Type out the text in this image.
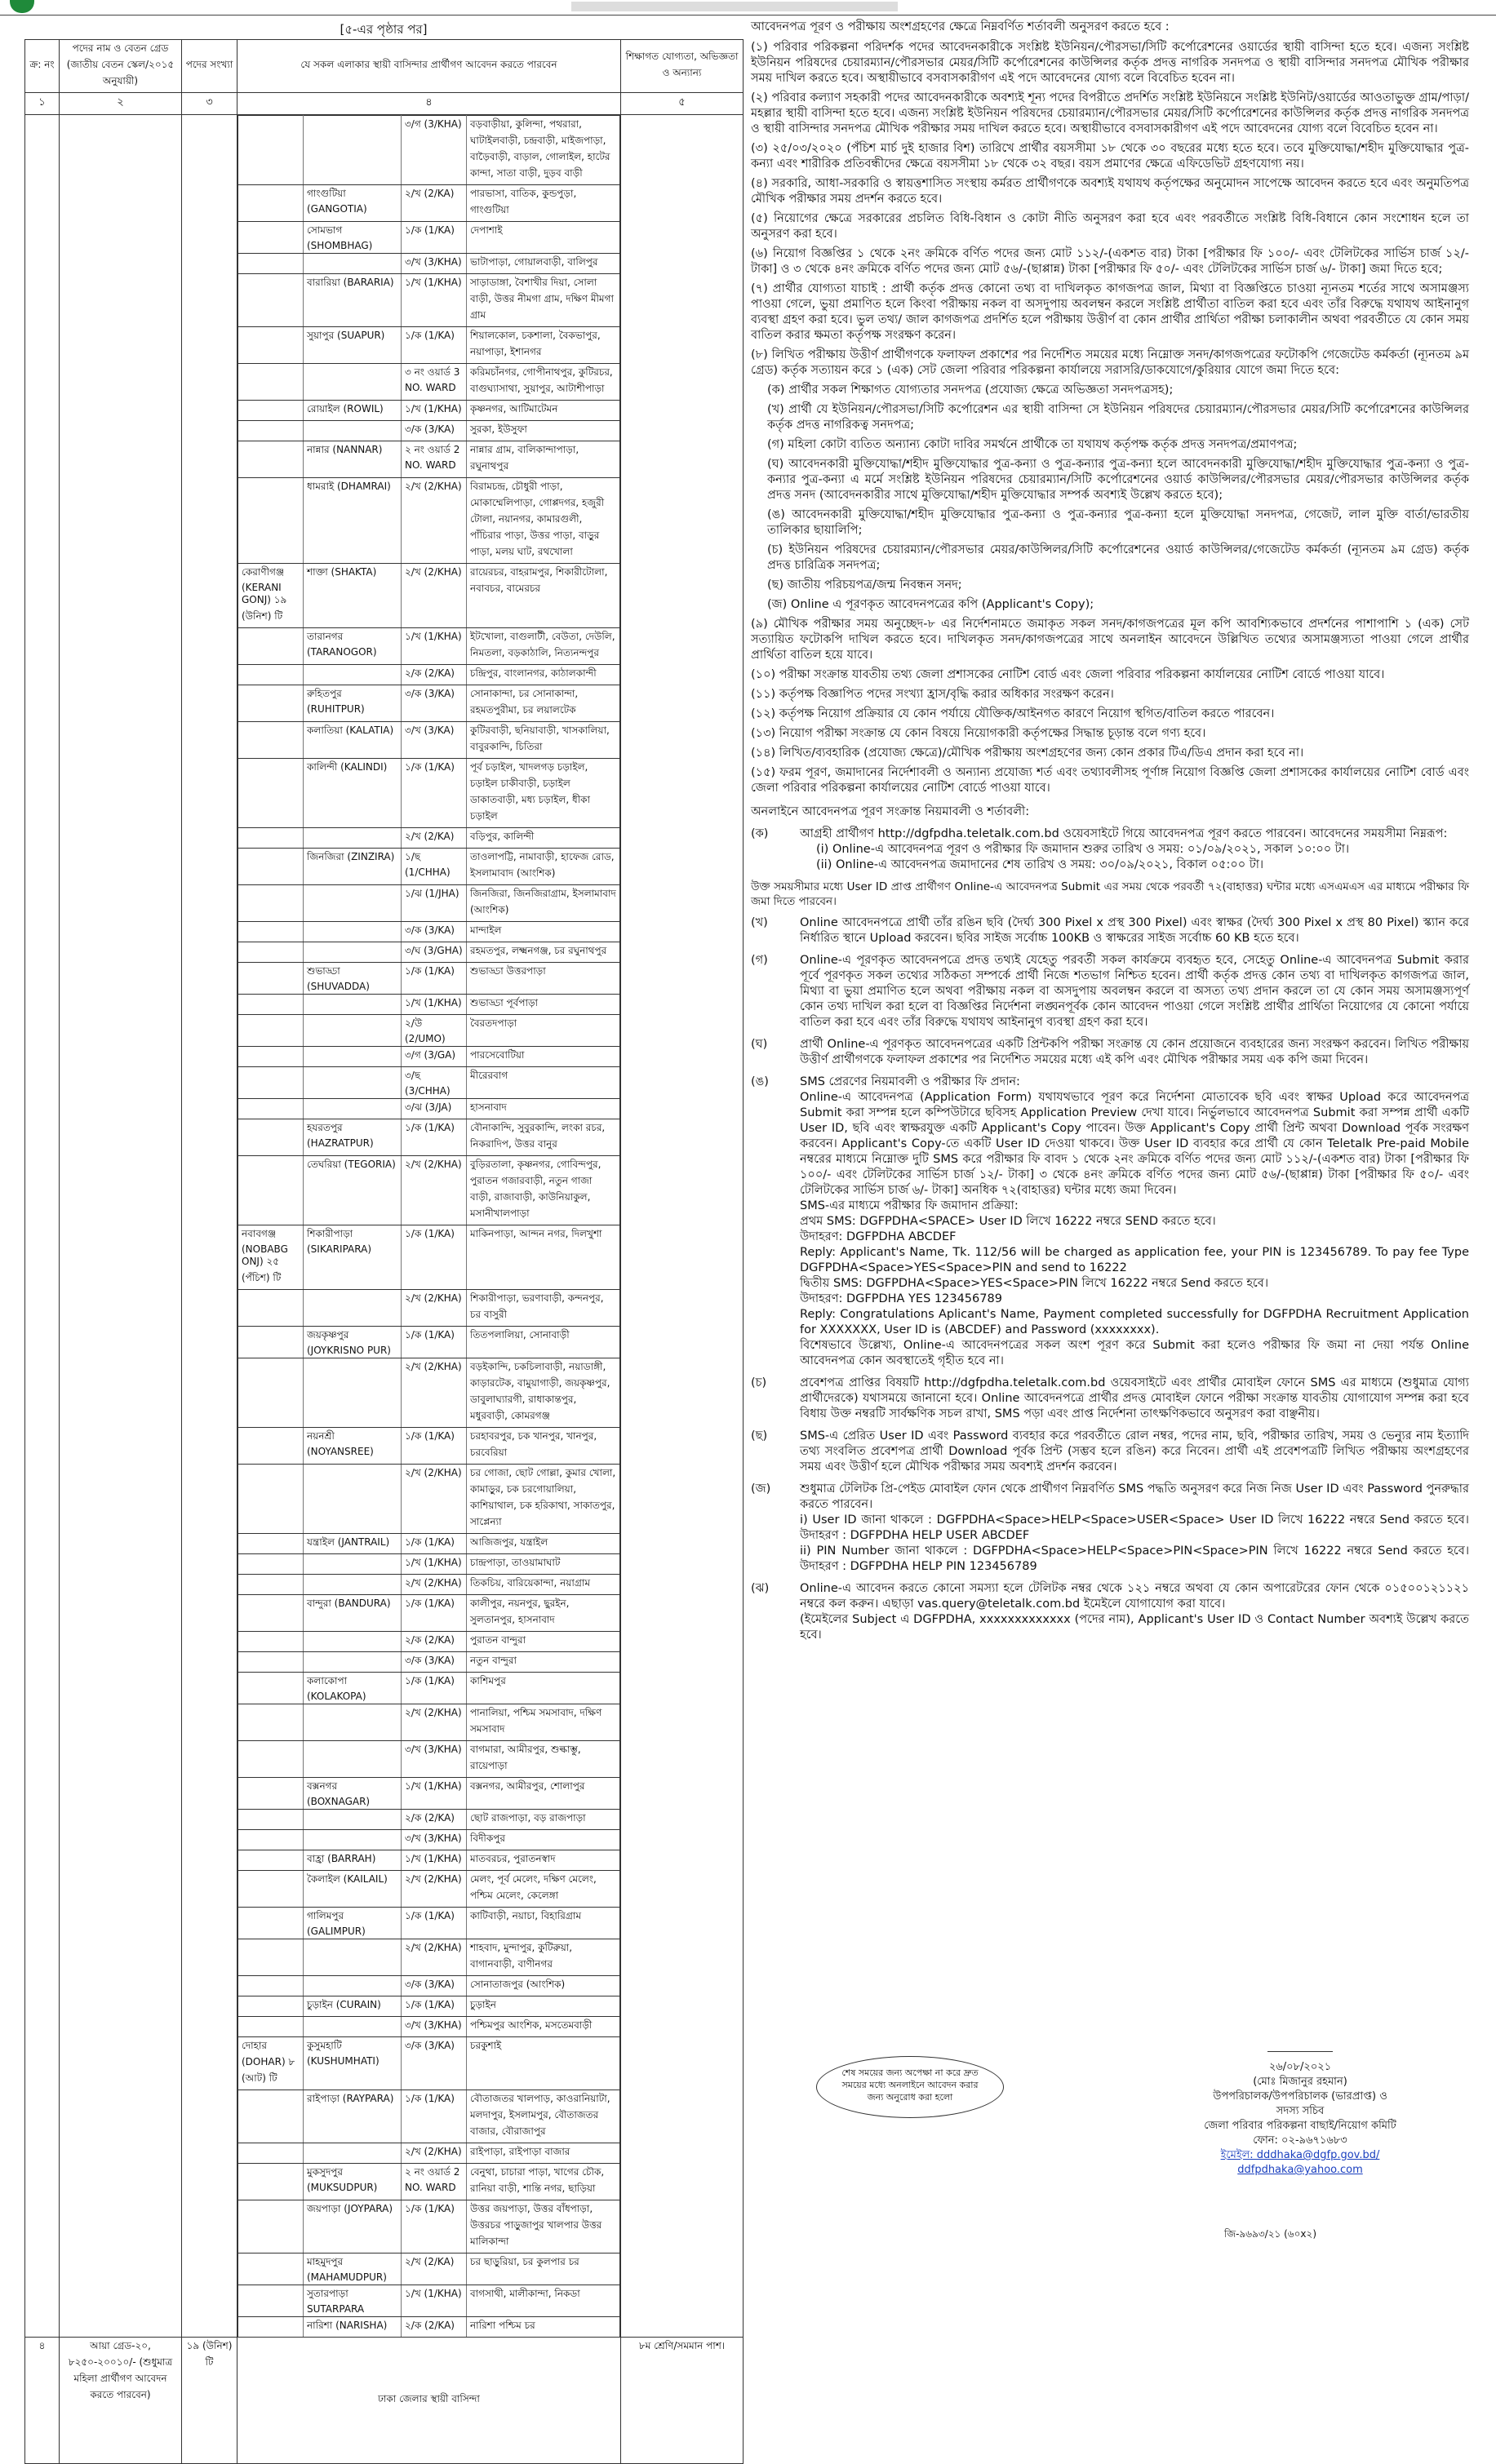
[৫-এর পৃষ্ঠার পর]
ক্র: নং	পদের নাম ও বেতন গ্রেড (জাতীয় বেতন স্কেল/২০১৫ অনুযায়ী)	পদের সংখ্যা	যে সকল এলাকার স্থায়ী বাসিন্দার প্রার্থীগণ আবেদন করতে পারবেন	শিক্ষাগত যোগ্যতা, অভিজ্ঞতা ও অন্যান্য
১	২	৩	৪	৫

		৩/গ (3/KHA)	বড়বাড়ীয়া, কুলিন্দা, পথরারা, ঘাটাইলবাড়ী, চন্দ্রবাড়ী, মাইজপাড়া, বাড়ৈবাড়ী, বাড়াল, গোলাইল, হাটের কান্দা, সাতা বাড়ী, দুড়ব বাড়ী
	গাংগুটিয়া (GANGOTIA)	২/খ (2/KA)	পারভাসা, বাতিক, কুন্ডপুড়া, গাংগুটিয়া
	সোমভাগ (SHOMBHAG)	১/ক (1/KA)	দেপাশাই
		৩/খ (3/KHA)	ভাটাপাড়া, গোয়ালবাড়ী, বালিপুর
	বারারিয়া (BARARIA)	১/খ (1/KHA)	সাড়াডাঙ্গা, বৈশাখীর দিয়া, সোলা বাড়ী, উত্তর নীমগা গ্রাম, দক্ষিণ মীমগা গ্রাম
	সুয়াপুর (SUAPUR)	১/ক (1/KA)	শিয়ালকোল, চকশালা, বৈকভাপুর, নয়াপাড়া, ইশানগর
		৩ নং ওয়ার্ড 3 NO. WARD	করিমচাঁনগর, গোপীনাথপুর, কুটিরচর, বাগুঘ্যাসাথা, সুয়াপুর, আটাশীপাড়া
	রোয়াইল (ROWIL)	১/খ (1/KHA)	কৃষ্ণনগর, আটিমাটেমন
		৩/ক (3/KA)	সুরকা, ইউসুফা
	নান্নার (NANNAR)	২ নং ওয়ার্ড 2 NO. WARD	নান্নার গ্রাম, বালিকান্দাপাড়া, রঘুনাথপুর
	ধামরাই (DHAMRAI)	২/খ (2/KHA)	বিরামচন্দ্র, চৌধুরী পাড়া, মোকাম্মেলিপাড়া, গোপ্পদগর, হজুরী টোলা, নয়ানগর, কামারগুলী, পাঁচিরার পাড়া, উত্তর পাড়া, বাড়ুর পাড়া, মলয় ঘাট, রথখোলা
কেরাণীগঞ্জ (KERANI GONJ) ১৯ (উনিশ) টি	শাক্তা (SHAKTA)	২/খ (2/KHA)	রায়েরচর, বাহরামপুর, শিকারীটোলা, নবাবচর, বামেরচর
	তারানগর (TARANOGOR)	১/খ (1/KHA)	ইটখোলা, বাগুলাটী, বেউতা, দেউলি, নিমতলা, বড়কাঠালি, নিত্যনন্দপুর
		২/ক (2/KA)	চন্দ্রিপুর, বাংলানগর, কাঠালকান্দী
	রুহিতপুর (RUHITPUR)	৩/ক (3/KA)	সোনাকান্দা, চর সোনাকান্দা, রহমতপুরীমা, চর লয়ালটেক
	কলাতিয়া (KALATIA)	৩/খ (3/KA)	কুটিরবাড়ী, ছনিয়াবাড়ী, খাসকালিয়া, বাবুরকান্দি, চিতিরা
	কালিন্দী (KALINDI)	১/ক (1/KA)	পূর্ব চড়াইল, খাদলগড় চড়াইল, চড়াইল চাকীবাড়ী, চড়াইল ডাকাতবাড়ী, মধ্য চড়াইল, ধীকা চড়াইল
		২/খ (2/KA)	বড়িপুর, কালিন্দী
	জিনজিরা (ZINZIRA)	১/ছ (1/CHHA)	তাওলাপট্টি, নামাবাড়ী, হাফেজ রোড, ইসলামাবাদ (আংশিক)
		১/ঝ (1/JHA)	জিনজিরা, জিনজিরাগ্রাম, ইসলামাবাদ (আংশিক)
		৩/ক (3/KA)	মান্দাইল
		৩/ঘ (3/GHA)	রহমতপুর, লক্ষ্মনগঞ্জ, চর রঘুনাথপুর
	শুভাড্ডা (SHUVADDA)	১/ক (1/KA)	শুভাড্ডা উত্তরপাড়া
		১/খ (1/KHA)	শুভাড্ডা পূর্বপাড়া
		২/উ (2/UMO)	বৈরতদপাড়া
		৩/গ (3/GA)	পারসেবোটিয়া
		৩/ছ (3/CHHA)	মীরেরবাগ
		৩/ঝ (3/JA)	হাসনাবাদ
	হযরতপুর (HAZRATPUR)	১/ক (1/KA)	বৌনাকান্দি, সুবুরকান্দি, লংকা রচর, নিকরাদিপ, উত্তর বানুর
	তেঘরিয়া (TEGORIA)	২/খ (2/KHA)	বুড়িরতালা, কৃষ্ণনগর, গোবিন্দপুর, পুরাতন গজারবাড়ী, নতুন গাজা বাড়ী, রাজাবাড়ী, কাউনিয়াকুল, মসানীখালপাড়া
নবাবগঞ্জ (NOBABG ONJ) ২৫ (পঁচিশ) টি	শিকারীপাড়া (SIKARIPARA)	১/ক (1/KA)	মাকিনপাড়া, আন্দন নগর, দিলখুশা
		২/খ (2/KHA)	শিকারীপাড়া, ভরণাবাড়ী, কন্দনপুর, চর বাসুরী
	জয়কৃষ্ণপুর (JOYKRISNO PUR)	১/ক (1/KA)	তিতপলালিয়া, সোনাবাড়ী
		২/খ (2/KHA)	বড়ইকান্দি, চকচিলাবাড়ী, নয়াডাঙ্গী, কাড়ারটেক, বামুয়াগাড়ী, জয়কৃষ্ণপুর, ডাবুলাঘ্যারগী, রাধাকান্তপুর, মধুরবাড়ী, কোমরগঞ্জ
	নয়নশ্রী (NOYANSREE)	১/ক (1/KA)	চরহাবরপুর, চক খানপুর, খানপুর, চরবেরিয়া
		২/খ (2/KHA)	চর গোজা, ছোট গোল্লা, কুমার খোলা, কামাড়ুর, চক চরগোয়ালিয়া, কাশিয়াথাল, চক হরিকাথা, সাকাতপুর, সাপ্লেন্যা
	যন্ত্রাইল (JANTRAIL)	১/ক (1/KA)	আজিজপুর, যন্ত্রাইল
		১/খ (1/KHA)	চান্দ্রপাড়া, তাওয়ামাঘাট
		২/খ (2/KHA)	তিকচিয়, বারিয়েকান্দা, নয়াগ্রাম
	বান্দুরা (BANDURA)	১/ক (1/KA)	কালীপুর, নয়নপুর, ছুরইন, সুলতানপুর, হাসনাবাদ
		২/ক (2/KA)	পুরাতন বান্দুরা
		৩/ক (3/KA)	নতুন বান্দুরা
	কলাকোপা (KOLAKOPA)	১/ক (1/KA)	কাশিমপুর
		২/খ (2/KHA)	পানালিয়া, পশ্চিম সমসাবাদ, দক্ষিণ সমসাবাদ
		৩/খ (3/KHA)	বাগমারা, আমীরপুর, শুল্কাম্ভু, রায়েপাড়া
	বক্সনগর (BOXNAGAR)	১/খ (1/KHA)	বক্সনগর, আমীরপুর, শোলাপুর
		২/ক (2/KA)	ছোট রাজপাড়া, বড় রাজপাড়া
		৩/খ (3/KHA)	বিদীকপুর
	বাহ্রা (BARRAH)	১/খ (1/KHA)	মাতবরচর, পুরাতনস্বাদ
	কৈলাইল (KAILAIL)	২/খ (2/KHA)	মেলং, পূর্ব মেলেং, দক্ষিণ মেলেং, পশ্চিম মেলেং, কেলেঙ্গা
	গালিমপুর (GALIMPUR)	১/ক (1/KA)	কাটিবাড়ী, নয়াচা, বিহারিগ্রাম
		২/খ (2/KHA)	শাহবাদ, মুন্দাপুর, কুটিরুয়া, বাগানবাড়ী, বাণীনগর
		৩/ক (3/KA)	সোনাতাজপুর (আংশিক)
	চুড়াইন (CURAIN)	১/ক (1/KA)	চুড়াইন
		৩/খ (3/KHA)	পশ্চিমপুর আংশিক, মসতেমবাড়ী
দোহার (DOHAR) ৮ (আট) টি	কুসুমহাটি (KUSHUMHATI)	৩/ক (3/KA)	চরকুশাই
	রাইপাড়া (RAYPARA)	১/ক (1/KA)	বৌতাজতর খালপাড়, কাওরানিয়াটা, মলদাপুর, ইসলামপুর, বৌতাজতর বাজার, বৌরাজাপুর
		২/খ (2/KHA)	রাইপাড়া, রাইপাড়া বাজার
	মুকসুদপুর (MUKSUDPUR)	২ নং ওয়ার্ড 2 NO. WARD	বেনুথা, চাচারা পাড়া, খাগের চৌক, রানিয়া বাড়ী, শান্তি নগর, ছাড়িয়া
	জয়পাড়া (JOYPARA)	১/ক (1/KA)	উত্তর জয়পাড়া, উত্তর বাঁধপাড়া, উত্তরচর পাড়ুজাপুর খালপার উত্তর মালিকান্দা
	মাহমুদপুর (MAHAMUDPUR)	২/খ (2/KA)	চর ছাড়ুরিয়া, চর কুলপার চর
	সুতারপাড়া SUTARPARA	১/খ (1/KHA)	বাগসাথী, মালীকান্দা, নিকডা
	নারিশা (NARISHA)	২/ক (2/KA)	নারিশা পশ্চিম চর

৪	আয়া গ্রেড-২০, ৮২৫০-২০০১০/- (শুধুমাত্র মহিলা প্রার্থীগণ আবেদন করতে পারবেন)	১৯ (উনিশ) টি	ঢাকা জেলার স্থায়ী বাসিন্দা	৮ম শ্রেণি/সমমান পাশ।

আবেদনপত্র পূরণ ও পরীক্ষায় অংশগ্রহণের ক্ষেত্রে নিম্নবর্ণিত শর্তাবলী অনুসরণ করতে হবে :

(১) পরিবার পরিকল্পনা পরিদর্শক পদের আবেদনকারীকে সংশ্লিষ্ট ইউনিয়ন/পৌরসভা/সিটি কর্পোরেশনের ওয়ার্ডের স্থায়ী বাসিন্দা হতে হবে। এজন্য সংশ্লিষ্ট ইউনিয়ন পরিষদের চেয়ারম্যান/পৌরসভার মেয়র/সিটি কর্পোরেশনের কাউন্সিলর কর্তৃক প্রদত্ত নাগরিক সনদপত্র ও স্থায়ী বাসিন্দার সনদপত্র মৌখিক পরীক্ষার সময় দাখিল করতে হবে। অস্থায়ীভাবে বসবাসকারীগণ এই পদে আবেদনের যোগ্য বলে বিবেচিত হবেন না।
(২) পরিবার কল্যাণ সহকারী পদের আবেদনকারীকে অবশ্যই শূন্য পদের বিপরীতে প্রদর্শিত সংশ্লিষ্ট ইউনিয়নে সংশ্লিষ্ট ইউনিট/ওয়ার্ডের আওতাভুক্ত গ্রাম/পাড়া/মহল্লার স্থায়ী বাসিন্দা হতে হবে। এজন্য সংশ্লিষ্ট ইউনিয়ন পরিষদের চেয়ারম্যান/পৌরসভার মেয়র/সিটি কর্পোরেশনের কাউন্সিলর কর্তৃক প্রদত্ত নাগরিক সনদপত্র ও স্থায়ী বাসিন্দার সনদপত্র মৌখিক পরীক্ষার সময় দাখিল করতে হবে। অস্থায়ীভাবে বসবাসকারীগণ এই পদে আবেদনের যোগ্য বলে বিবেচিত হবেন না।
(৩) ২৫/০৩/২০২০ (পঁচিশ মার্চ দুই হাজার বিশ) তারিখে প্রার্থীর বয়সসীমা ১৮ থেকে ৩০ বছরের মধ্যে হতে হবে। তবে মুক্তিযোদ্ধা/শহীদ মুক্তিযোদ্ধার পুত্র-কন্যা এবং শারীরিক প্রতিবন্ধীদের ক্ষেত্রে বয়সসীমা ১৮ থেকে ৩২ বছর। বয়স প্রমাণের ক্ষেত্রে এফিডেভিট গ্রহণযোগ্য নয়।
(৪) সরকারি, আধা-সরকারি ও স্বায়ত্তশাসিত সংস্থায় কর্মরত প্রার্থীগণকে অবশ্যই যথাযথ কর্তৃপক্ষের অনুমোদন সাপেক্ষে আবেদন করতে হবে এবং অনুমতিপত্র মৌখিক পরীক্ষার সময় প্রদর্শন করতে হবে।
(৫) নিয়োগের ক্ষেত্রে সরকারের প্রচলিত বিধি-বিধান ও কোটা নীতি অনুসরণ করা হবে এবং পরবর্তীতে সংশ্লিষ্ট বিধি-বিধানে কোন সংশোধন হলে তা অনুসরণ করা হবে।
(৬) নিয়োগ বিজ্ঞপ্তির ১ থেকে ২নং ক্রমিকে বর্ণিত পদের জন্য মোট ১১২/-(একশত বার) টাকা [পরীক্ষার ফি ১০০/- এবং টেলিটকের সার্ভিস চার্জ ১২/- টাকা] ও ৩ থেকে ৪নং ক্রমিকে বর্ণিত পদের জন্য মোট ৫৬/-(ছাপ্পান্ন) টাকা [পরীক্ষার ফি ৫০/- এবং টেলিটকের সার্ভিস চার্জ ৬/- টাকা] জমা দিতে হবে;
(৭) প্রার্থীর যোগ্যতা যাচাই : প্রার্থী কর্তৃক প্রদত্ত কোনো তথ্য বা দাখিলকৃত কাগজপত্র জাল, মিথ্যা বা বিজ্ঞপ্তিতে চাওয়া ন্যূনতম শর্তের সাথে অসামঞ্জস্য পাওয়া গেলে, ভুয়া প্রমাণিত হলে কিংবা পরীক্ষায় নকল বা অসদুপায় অবলম্বন করলে সংশ্লিষ্ট প্রার্থীতা বাতিল করা হবে এবং তাঁর বিরুদ্ধে যথাযথ আইনানুগ ব্যবস্থা গ্রহণ করা হবে। ভুল তথ্য/ জাল কাগজপত্র প্রদর্শিত হলে পরীক্ষায় উত্তীর্ণ বা কোন প্রার্থীর প্রার্থিতা পরীক্ষা চলাকালীন অথবা পরবর্তীতে যে কোন সময় বাতিল করার ক্ষমতা কর্তৃপক্ষ সংরক্ষণ করেন।
(৮) লিখিত পরীক্ষায় উত্তীর্ণ প্রার্থীগণকে ফলাফল প্রকাশের পর নির্দেশিত সময়ের মধ্যে নিম্নোক্ত সনদ/কাগজপত্রের ফটোকপি গেজেটেড কর্মকর্তা (ন্যূনতম ৯ম গ্রেড) কর্তৃক সত্যায়ন করে ১ (এক) সেট জেলা পরিবার পরিকল্পনা কার্যালয়ে সরাসরি/ডাকযোগে/কুরিয়ার যোগে জমা দিতে হবে:
(ক) প্রার্থীর সকল শিক্ষাগত যোগ্যতার সনদপত্র (প্রযোজ্য ক্ষেত্রে অভিজ্ঞতা সনদপত্রসহ);
(খ) প্রার্থী যে ইউনিয়ন/পৌরসভা/সিটি কর্পোরেশন এর স্থায়ী বাসিন্দা সে ইউনিয়ন পরিষদের চেয়ারম্যান/পৌরসভার মেয়র/সিটি কর্পোরেশনের কাউন্সিলর কর্তৃক প্রদত্ত নাগরিকত্ব সনদপত্র;
(গ) মহিলা কোটা ব্যতিত অন্যান্য কোটা দাবির সমর্থনে প্রার্থীকে তা যথাযথ কর্তৃপক্ষ কর্তৃক প্রদত্ত সনদপত্র/প্রমাণপত্র;
(ঘ) আবেদনকারী মুক্তিযোদ্ধা/শহীদ মুক্তিযোদ্ধার পুত্র-কন্যা ও পুত্র-কন্যার পুত্র-কন্যা হলে আবেদনকারী মুক্তিযোদ্ধা/শহীদ মুক্তিযোদ্ধার পুত্র-কন্যা ও পুত্র-কন্যার পুত্র-কন্যা এ মর্মে সংশ্লিষ্ট ইউনিয়ন পরিষদের চেয়ারম্যান/সিটি কর্পোরেশনের ওয়ার্ড কাউন্সিলর/পৌরসভার মেয়র/পৌরসভার কাউন্সিলর কর্তৃক প্রদত্ত সনদ (আবেদনকারীর সাথে মুক্তিযোদ্ধা/শহীদ মুক্তিযোদ্ধার সম্পর্ক অবশ্যই উল্লেখ করতে হবে);
(ঙ) আবেদনকারী মুক্তিযোদ্ধা/শহীদ মুক্তিযোদ্ধার পুত্র-কন্যা ও পুত্র-কন্যার পুত্র-কন্যা হলে মুক্তিযোদ্ধা সনদপত্র, গেজেট, লাল মুক্তি বার্তা/ভারতীয় তালিকার ছায়ালিপি;
(চ) ইউনিয়ন পরিষদের চেয়ারম্যান/পৌরসভার মেয়র/কাউন্সিলর/সিটি কর্পোরেশনের ওয়ার্ড কাউন্সিলর/গেজেটেড কর্মকর্তা (ন্যূনতম ৯ম গ্রেড) কর্তৃক প্রদত্ত চারিত্রিক সনদপত্র;
(ছ) জাতীয় পরিচয়পত্র/জন্ম নিবন্ধন সনদ;
(জ) Online এ পূরণকৃত আবেদনপত্রের কপি (Applicant's Copy);
(৯) মৌখিক পরীক্ষার সময় অনুচ্ছেদ-৮ এর নির্দেশনামতে জমাকৃত সকল সনদ/কাগজপত্রের মূল কপি আবশ্যিকভাবে প্রদর্শনের পাশাপাশি ১ (এক) সেট সত্যায়িত ফটোকপি দাখিল করতে হবে। দাখিলকৃত সনদ/কাগজপত্রের সাথে অনলাইন আবেদনে উল্লিখিত তথ্যের অসামঞ্জস্যতা পাওয়া গেলে প্রার্থীর প্রার্থিতা বাতিল হয়ে যাবে।
(১০) পরীক্ষা সংক্রান্ত যাবতীয় তথ্য জেলা প্রশাসকের নোটিশ বোর্ড এবং জেলা পরিবার পরিকল্পনা কার্যালয়ের নোটিশ বোর্ডে পাওয়া যাবে।
(১১) কর্তৃপক্ষ বিজ্ঞাপিত পদের সংখ্যা হ্রাস/বৃদ্ধি করার অধিকার সংরক্ষণ করেন।
(১২) কর্তৃপক্ষ নিয়োগ প্রক্রিয়ার যে কোন পর্যায়ে যৌক্তিক/আইনগত কারণে নিয়োগ স্থগিত/বাতিল করতে পারবেন।
(১৩) নিয়োগ পরীক্ষা সংক্রান্ত যে কোন বিষয়ে নিয়োগকারী কর্তৃপক্ষের সিদ্ধান্ত চূড়ান্ত বলে গণ্য হবে।
(১৪) লিখিত/ব্যবহারিক (প্রযোজ্য ক্ষেত্রে)/মৌখিক পরীক্ষায় অংশগ্রহণের জন্য কোন প্রকার টিএ/ডিএ প্রদান করা হবে না।
(১৫) ফরম পূরণ, জমাদানের নির্দেশাবলী ও অন্যান্য প্রযোজ্য শর্ত এবং তথ্যাবলীসহ পূর্ণাঙ্গ নিয়োগ বিজ্ঞপ্তি জেলা প্রশাসকের কার্যালয়ের নোটিশ বোর্ড এবং জেলা পরিবার পরিকল্পনা কার্যালয়ের নোটিশ বোর্ডে পাওয়া যাবে।

অনলাইনে আবেদনপত্র পূরণ সংক্রান্ত নিয়মাবলী ও শর্তাবলী:

(ক)	আগ্রহী প্রার্থীগণ http://dgfpdha.teletalk.com.bd ওয়েবসাইটে গিয়ে আবেদনপত্র পূরণ করতে পারবেন। আবেদনের সময়সীমা নিম্নরূপ:
(i) Online-এ আবেদনপত্র পূরণ ও পরীক্ষার ফি জমাদান শুরুর তারিখ ও সময়: ০১/০৯/২০২১, সকাল ১০:০০ টা।
(ii) Online-এ আবেদনপত্র জমাদানের শেষ তারিখ ও সময়: ৩০/০৯/২০২১, বিকাল ০৫:০০ টা।

উক্ত সময়সীমার মধ্যে User ID প্রাপ্ত প্রার্থীগণ Online-এ আবেদনপত্র Submit এর সময় থেকে পরবর্তী ৭২(বাহাত্তর) ঘন্টার মধ্যে এসএমএস এর মাধ্যমে পরীক্ষার ফি জমা দিতে পারবেন।

(খ)	Online আবেদনপত্রে প্রার্থী তাঁর রঙিন ছবি (দৈর্ঘ্য 300 Pixel x প্রস্থ 300 Pixel) এবং স্বাক্ষর (দৈর্ঘ্য 300 Pixel x প্রস্থ 80 Pixel) স্ক্যান করে নির্ধারিত স্থানে Upload করবেন। ছবির সাইজ সর্বোচ্চ 100KB ও স্বাক্ষরের সাইজ সর্বোচ্চ 60 KB হতে হবে।
(গ)	Online-এ পূরণকৃত আবেদনপত্রে প্রদত্ত তথ্যই যেহেতু পরবর্তী সকল কার্যক্রমে ব্যবহৃত হবে, সেহেতু Online-এ আবেদনপত্র Submit করার পূর্বে পূরণকৃত সকল তথ্যের সঠিকতা সম্পর্কে প্রার্থী নিজে শতভাগ নিশ্চিত হবেন। প্রার্থী কর্তৃক প্রদত্ত কোন তথ্য বা দাখিলকৃত কাগজপত্র জাল, মিথ্যা বা ভুয়া প্রমাণিত হলে অথবা পরীক্ষায় নকল বা অসদুপায় অবলম্বন করলে বা অসত্য তথ্য প্রদান করলে তা যে কোন সময় অসামঞ্জস্যপূর্ণ কোন তথ্য দাখিল করা হলে বা বিজ্ঞপ্তির নির্দেশনা লঙ্ঘনপূর্বক কোন আবেদন পাওয়া গেলে সংশ্লিষ্ট প্রার্থীর প্রার্থিতা নিয়োগের যে কোনো পর্যায়ে বাতিল করা হবে এবং তাঁর বিরুদ্ধে যথাযথ আইনানুগ ব্যবস্থা গ্রহণ করা হবে।
(ঘ)	প্রার্থী Online-এ পূরণকৃত আবেদনপত্রের একটি প্রিন্টকপি পরীক্ষা সংক্রান্ত যে কোন প্রয়োজনে ব্যবহারের জন্য সংরক্ষণ করবেন। লিখিত পরীক্ষায় উত্তীর্ণ প্রার্থীগণকে ফলাফল প্রকাশের পর নির্দেশিত সময়ের মধ্যে এই কপি এবং মৌখিক পরীক্ষার সময় এক কপি জমা দিবেন।
(ঙ)	SMS প্রেরণের নিয়মাবলী ও পরীক্ষার ফি প্রদান:
Online-এ আবেদনপত্র (Application Form) যথাযথভাবে পূরণ করে নির্দেশনা মোতাবেক ছবি এবং স্বাক্ষর Upload করে আবেদনপত্র Submit করা সম্পন্ন হলে কম্পিউটারে ছবিসহ Application Preview দেখা যাবে। নির্ভুলভাবে আবেদনপত্র Submit করা সম্পন্ন প্রার্থী একটি User ID, ছবি এবং স্বাক্ষরযুক্ত একটি Applicant's Copy পাবেন। উক্ত Applicant's Copy প্রার্থী প্রিন্ট অথবা Download পূর্বক সংরক্ষণ করবেন। Applicant's Copy-তে একটি User ID দেওয়া থাকবে। উক্ত User ID ব্যবহার করে প্রার্থী যে কোন Teletalk Pre-paid Mobile নম্বরের মাধ্যমে নিম্নোক্ত দুটি SMS করে পরীক্ষার ফি বাবদ ১ থেকে ২নং ক্রমিকে বর্ণিত পদের জন্য মোট ১১২/-(একশত বার) টাকা [পরীক্ষার ফি ১০০/- এবং টেলিটকের সার্ভিস চার্জ ১২/- টাকা] ৩ থেকে ৪নং ক্রমিকে বর্ণিত পদের জন্য মোট ৫৬/-(ছাপ্পান্ন) টাকা [পরীক্ষার ফি ৫০/- এবং টেলিটকের সার্ভিস চার্জ ৬/- টাকা] অনধিক ৭২(বাহাত্তর) ঘন্টার মধ্যে জমা দিবেন।
SMS-এর মাধ্যমে পরীক্ষার ফি জমাদান প্রক্রিয়া:
প্রথম SMS: DGFPDHA<SPACE> User ID লিখে 16222 নম্বরে SEND করতে হবে।
উদাহরণ: DGFPDHA ABCDEF
Reply: Applicant's Name, Tk. 112/56 will be charged as application fee, your PIN is 123456789. To pay fee Type DGFPDHA<Space>YES<Space>PIN and send to 16222
দ্বিতীয় SMS: DGFPDHA<Space>YES<Space>PIN লিখে 16222 নম্বরে Send করতে হবে।
উদাহরণ: DGFPDHA YES 123456789
Reply: Congratulations Aplicant's Name, Payment completed successfully for DGFPDHA Recruitment Application for XXXXXXX, User ID is (ABCDEF) and Password (xxxxxxxx).
বিশেষভাবে উল্লেখ্য, Online-এ আবেদনপত্রের সকল অংশ পূরণ করে Submit করা হলেও পরীক্ষার ফি জমা না দেয়া পর্যন্ত Online আবেদনপত্র কোন অবস্থাতেই গৃহীত হবে না।
(চ)	প্রবেশপত্র প্রাপ্তির বিষয়টি http://dgfpdha.teletalk.com.bd ওয়েবসাইটে এবং প্রার্থীর মোবাইল ফোনে SMS এর মাধ্যমে (শুধুমাত্র যোগ্য প্রার্থীদেরকে) যথাসময়ে জানানো হবে। Online আবেদনপত্রে প্রার্থীর প্রদত্ত মোবাইল ফোনে পরীক্ষা সংক্রান্ত যাবতীয় যোগাযোগ সম্পন্ন করা হবে বিধায় উক্ত নম্বরটি সার্বক্ষণিক সচল রাখা, SMS পড়া এবং প্রাপ্ত নির্দেশনা তাৎক্ষণিকভাবে অনুসরণ করা বাঞ্ছনীয়।
(ছ)	SMS-এ প্রেরিত User ID এবং Password ব্যবহার করে পরবর্তীতে রোল নম্বর, পদের নাম, ছবি, পরীক্ষার তারিখ, সময় ও ভেন্যুর নাম ইত্যাদি তথ্য সংবলিত প্রবেশপত্র প্রার্থী Download পূর্বক প্রিন্ট (সম্ভব হলে রঙিন) করে নিবেন। প্রার্থী এই প্রবেশপত্রটি লিখিত পরীক্ষায় অংশগ্রহণের সময় এবং উত্তীর্ণ হলে মৌখিক পরীক্ষার সময় অবশ্যই প্রদর্শন করবেন।
(জ)	শুধুমাত্র টেলিটক প্রি-পেইড মোবাইল ফোন থেকে প্রার্থীগণ নিম্নবর্ণিত SMS পদ্ধতি অনুসরণ করে নিজ নিজ User ID এবং Password পুনরুদ্ধার করতে পারবেন।
i) User ID জানা থাকলে : DGFPDHA<Space>HELP<Space>USER<Space> User ID লিখে 16222 নম্বরে Send করতে হবে। উদাহরণ : DGFPDHA HELP USER ABCDEF
ii) PIN Number জানা থাকলে : DGFPDHA<Space>HELP<Space>PIN<Space>PIN লিখে 16222 নম্বরে Send করতে হবে। উদাহরণ : DGFPDHA HELP PIN 123456789
(ঝ)	Online-এ আবেদন করতে কোনো সমস্যা হলে টেলিটক নম্বর থেকে ১২১ নম্বরে অথবা যে কোন অপারেটরের ফোন থেকে ০১৫০০১২১১২১ নম্বরে কল করুন। এছাড়া vas.query@teletalk.com.bd ইমেইলে যোগাযোগ করা যাবে।
(ইমেইলের Subject এ DGFPDHA, xxxxxxxxxxxxx (পদের নাম), Applicant's User ID ও Contact Number অবশ্যই উল্লেখ করতে হবে।
শেষ সময়ের জন্য অপেক্ষা না করে দ্রুত সময়ের মধ্যে অনলাইনে আবেদন করার জন্য অনুরোধ করা হলো
২৬/০৮/২০২১
(মোঃ মিজানুর রহমান)
উপপরিচালক/উপপরিচালক (ভারপ্রাপ্ত) ও
সদস্য সচিব
জেলা পরিবার পরিকল্পনা বাছাই/নিয়োগ কমিটি
ফোন: ০২-৯৬৭১৬৮৩
ইমেইল: dddhaka@dgfp.gov.bd/
ddfpdhaka@yahoo.com
জি-৯৬৯৩/২১ (৬০x২)
